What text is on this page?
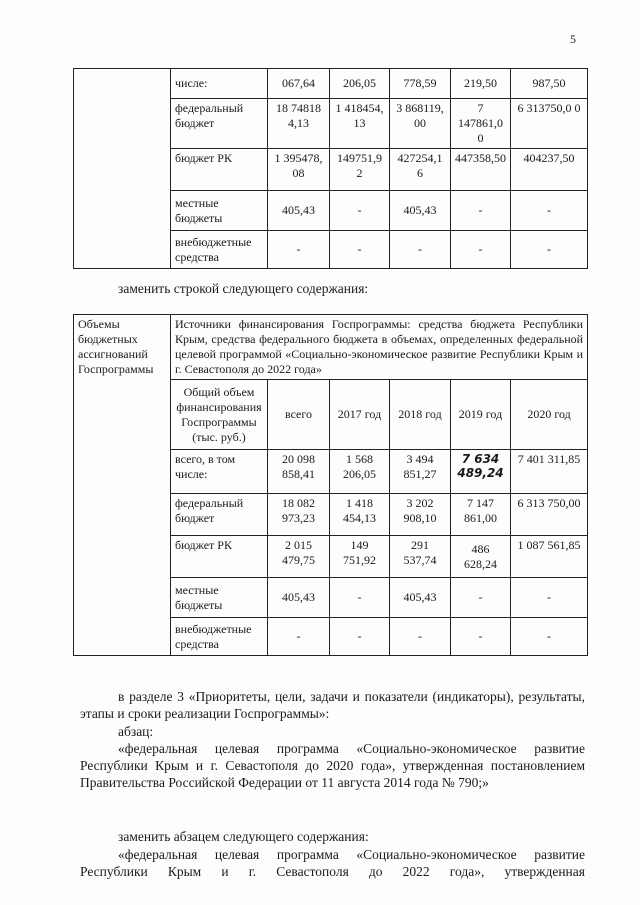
5
	числе:	067,64	206,05	778,59	219,50	987,50
	федеральный бюджет	18 74818 4,13	1 418454, 13	3 868119, 00	7 147861,0 0	6 313750,0 0
	бюджет РК	1 395478, 08	149751,9 2	427254,1 6	447358,50	404237,50
	местные бюджеты	405,43	-	405,43	-	-
	внебюджетные средства	-	-	-	-	-

заменить строкой следующего содержания:

Объемы бюджетных ассигнований Госпрограммы	Источники финансирования Госпрограммы: средства бюджета Республики Крым, средства федерального бюджета в объемах, определенных федеральной целевой программой «Социально-экономическое развитие Республики Крым и г. Севастополя до 2022 года»					
	Общий объем финансирования Госпрограммы (тыс. руб.)	всего	2017 год	2018 год	2019 год	2020 год
	всего, в том числе:	20 098 858,41	1 568 206,05	3 494 851,27	7 634 489,24	7 401 311,85
	федеральный бюджет	18 082 973,23	1 418 454,13	3 202 908,10	7 147 861,00	6 313 750,00
	бюджет РК	2 015 479,75	149 751,92	291 537,74	486 628,24	1 087 561,85
	местные бюджеты	405,43	-	405,43	-	-
	внебюджетные средства	-	-	-	-	-

в разделе 3 «Приоритеты, цели, задачи и показатели (индикаторы), результаты, этапы и сроки реализации Госпрограммы»:

абзац:

«федеральная целевая программа «Социально-экономическое развитие Республики Крым и г. Севастополя до 2020 года», утвержденная постановлением Правительства Российской Федерации от 11 августа 2014 года № 790;»

заменить абзацем следующего содержания:

«федеральная целевая программа «Социально-экономическое развитие Республики Крым и г. Севастополя до 2022 года», утвержденная
